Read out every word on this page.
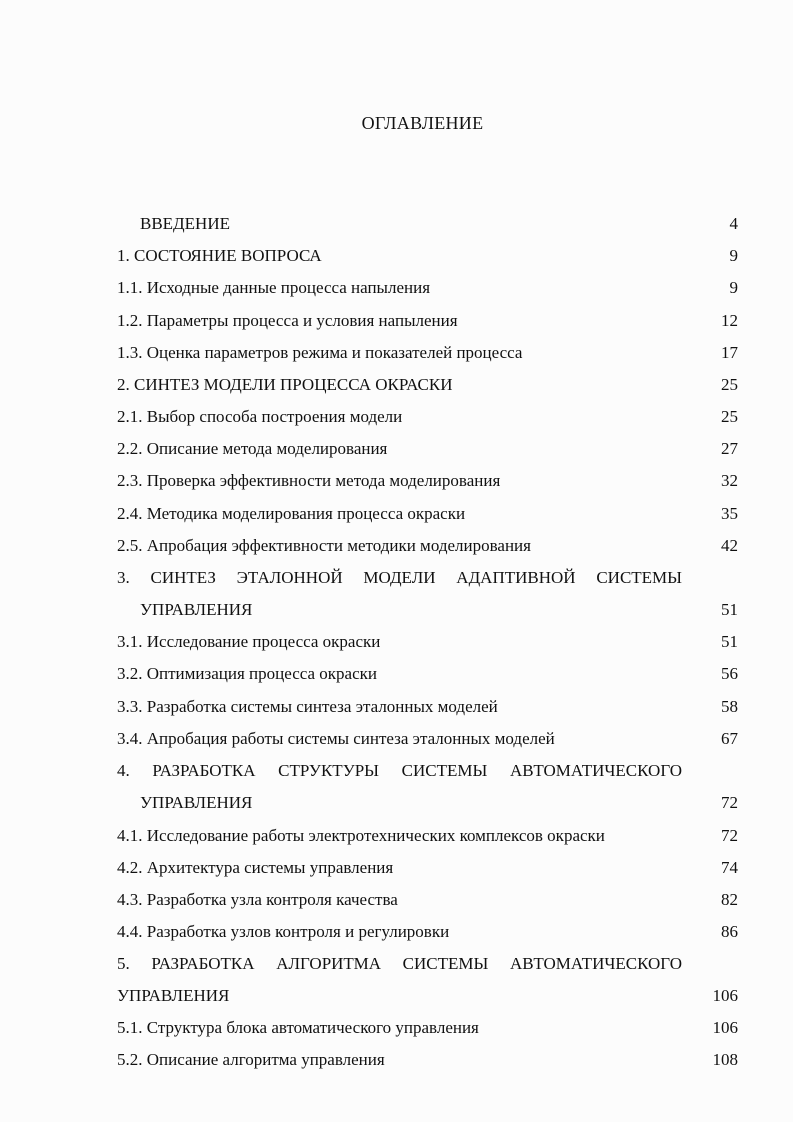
ОГЛАВЛЕНИЕ
ВВЕДЕНИЕ	4
1. СОСТОЯНИЕ ВОПРОСА	9
1.1. Исходные данные процесса напыления	9
1.2. Параметры процесса и условия напыления	12
1.3. Оценка параметров режима и показателей процесса	17
2. СИНТЕЗ МОДЕЛИ ПРОЦЕССА ОКРАСКИ	25
2.1. Выбор способа построения модели	25
2.2. Описание метода моделирования	27
2.3. Проверка эффективности метода моделирования	32
2.4. Методика моделирования процесса окраски	35
2.5. Апробация эффективности методики моделирования	42
3. СИНТЕЗ ЭТАЛОННОЙ МОДЕЛИ АДАПТИВНОЙ СИСТЕМЫ
УПРАВЛЕНИЯ	51
3.1. Исследование процесса окраски	51
3.2. Оптимизация процесса окраски	56
3.3. Разработка системы синтеза эталонных моделей	58
3.4. Апробация работы системы синтеза эталонных моделей	67
4. РАЗРАБОТКА СТРУКТУРЫ СИСТЕМЫ АВТОМАТИЧЕСКОГО
УПРАВЛЕНИЯ	72
4.1. Исследование работы электротехнических комплексов окраски	72
4.2. Архитектура системы управления	74
4.3. Разработка узла контроля качества	82
4.4. Разработка узлов контроля и регулировки	86
5. РАЗРАБОТКА АЛГОРИТМА СИСТЕМЫ АВТОМАТИЧЕСКОГО
УПРАВЛЕНИЯ	106
5.1. Структура блока автоматического управления	106
5.2. Описание алгоритма управления	108
